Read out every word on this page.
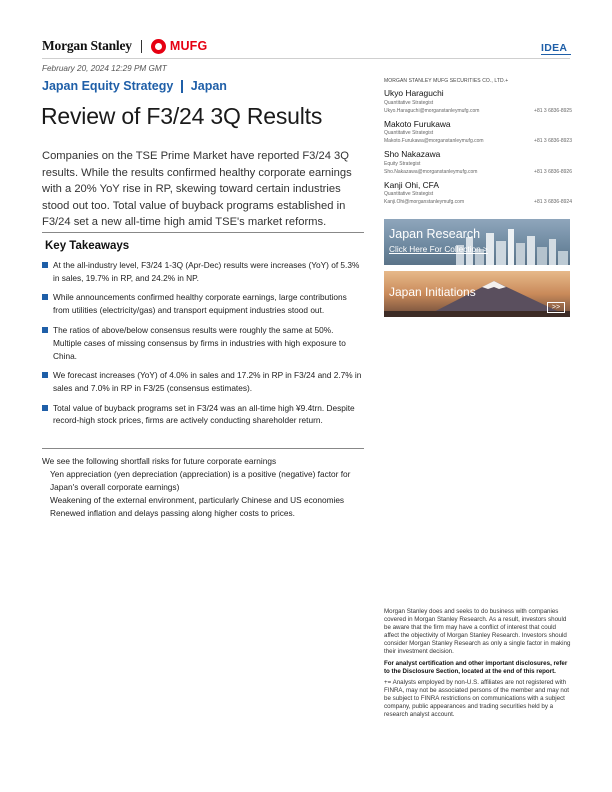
Morgan Stanley	MUFG	IDEA
February 20, 2024 12:29 PM GMT
Japan Equity Strategy Japan
Review of F3/24 3Q Results

Companies on the TSE Prime Market have reported F3/24 3Q results. While the results confirmed healthy corporate earnings with a 20% YoY rise in RP, skewing toward certain industries stood out too. Total value of buyback programs established in F3/24 set a new all-time high amid TSE's market reforms.

Key Takeaways
At the all-industry level, F3/24 1-3Q (Apr-Dec) results were increases (YoY) of 5.3% in sales, 19.7% in RP, and 24.2% in NP.
While announcements confirmed healthy corporate earnings, large contributions from utilities (electricity/gas) and transport equipment industries stood out.
The ratios of above/below consensus results were roughly the same at 50%. Multiple cases of missing consensus by firms in industries with high exposure to China.
We forecast increases (YoY) of 4.0% in sales and 17.2% in RP in F3/24 and 2.7% in sales and 7.0% in RP in F3/25 (consensus estimates).
Total value of buyback programs set in F3/24 was an all-time high ¥9.4trn. Despite record-high stock prices, firms are actively conducting shareholder return.
We see the following shortfall risks for future corporate earnings
Yen appreciation (yen depreciation (appreciation) is a positive (negative) factor for Japan's overall corporate earnings)
Weakening of the external environment, particularly Chinese and US economies
Renewed inflation and delays passing along higher costs to prices.
MORGAN STANLEY MUFG SECURITIES CO., LTD.+
Ukyo Haraguchi
Quantitative Strategist
Ukyo.Haraguchi@morganstanleymufg.com	+81 3 6836-8925
Makoto Furukawa
Quantitative Strategist
Makoto.Furukawa@morganstanleymufg.com	+81 3 6836-8923
Sho Nakazawa
Equity Strategist
Sho.Nakazawa@morganstanleymufg.com	+81 3 6836-8926
Kanji Ohi, CFA
Quantitative Strategist
Kanji.Ohi@morganstanleymufg.com	+81 3 6836-8924
Japan Research
Click Here For Collection >
Japan Initiations
>>

Morgan Stanley does and seeks to do business with companies covered in Morgan Stanley Research. As a result, investors should be aware that the firm may have a conflict of interest that could affect the objectivity of Morgan Stanley Research. Investors should consider Morgan Stanley Research as only a single factor in making their investment decision.

For analyst certification and other important disclosures, refer to the Disclosure Section, located at the end of this report.

+= Analysts employed by non-U.S. affiliates are not registered with FINRA, may not be associated persons of the member and may not be subject to FINRA restrictions on communications with a subject company, public appearances and trading securities held by a research analyst account.
